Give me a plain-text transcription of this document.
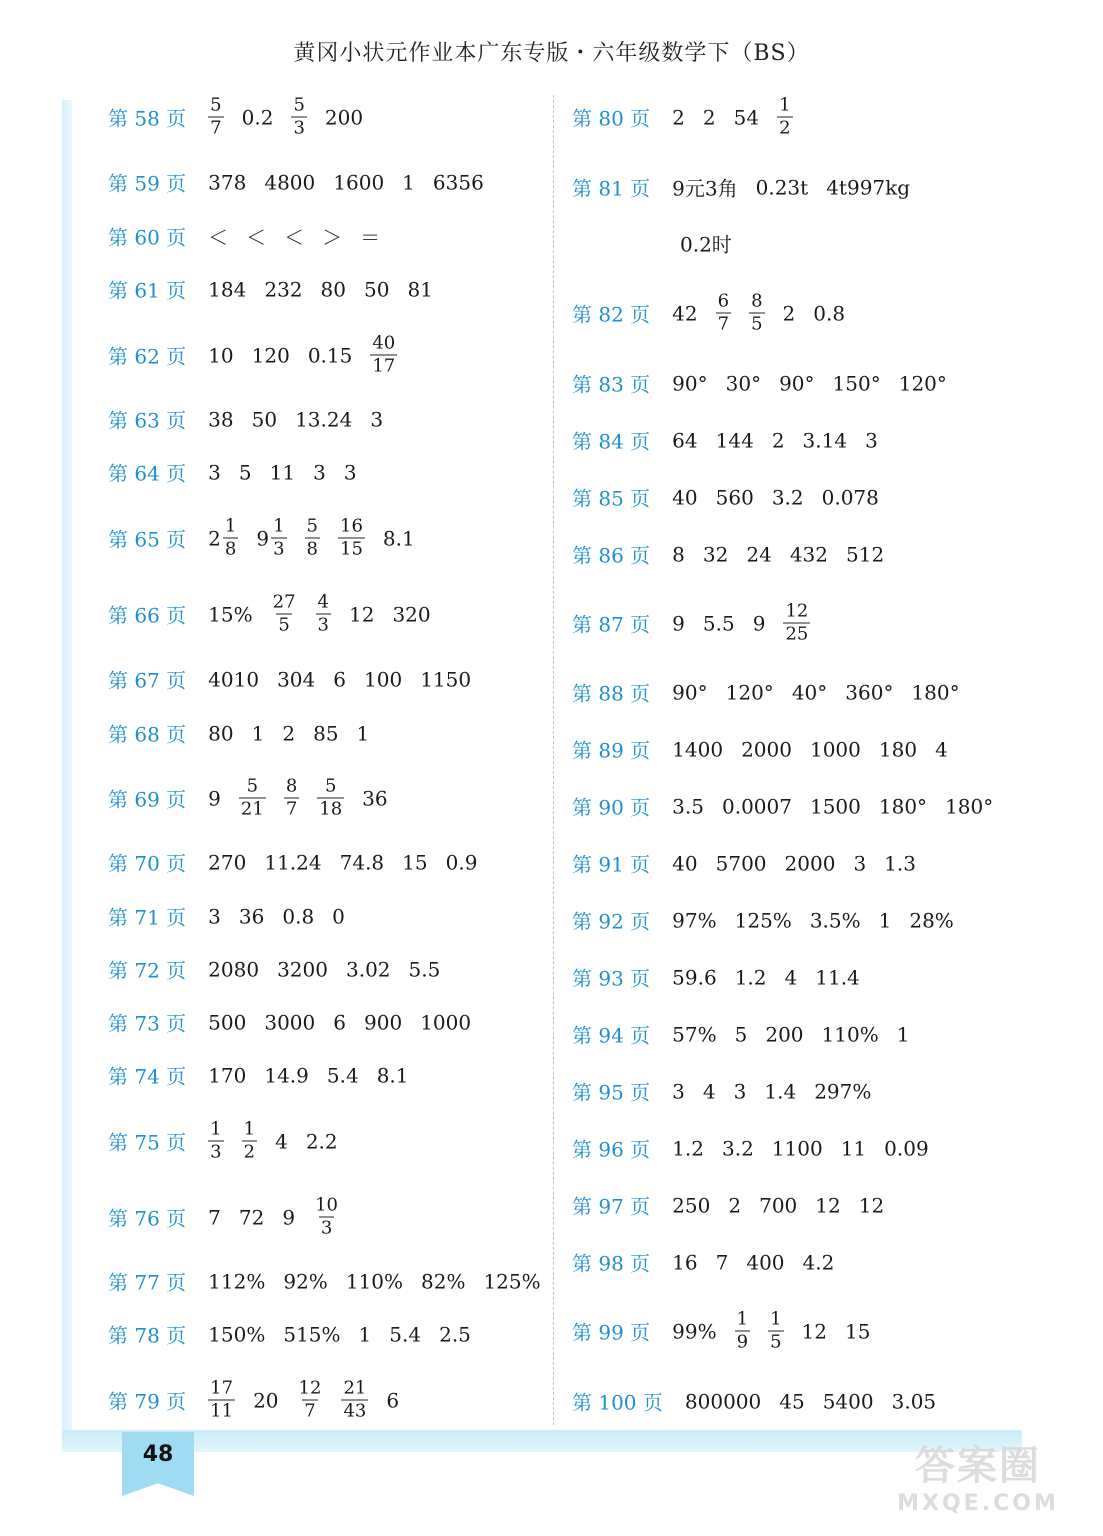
黄冈小状元作业本广东专版・六年级数学下（BS）
48
第 58 页 $\frac{5}{7} 0.2 \frac{5}{3} 200$
第 59 页 378 4800 1600 1 6356
第 60 页 ＜ ＜ ＜ ＞ ＝
第 61 页 184 232 80 50 81
第 62 页 10 120 $0.15 \frac{40}{17}$
第 63 页 38 50 13.24 3
第 64 页 3 5 11 3 3
第 65 页 $2 \frac{1}{8} 9 \frac{1}{3} \frac{5}{8} \frac{16}{15} 8.1$
第 66 页 $15\% \frac{27}{5} \frac{4}{3} 12$ 320
第 67 页 4010 304 6 100 1150
第 68 页 80 1 2 85 1
第 69 页 $9 \frac{5}{21} \frac{8}{7} \frac{5}{18} 36$
第 70 页 270 11.24 74.8 15 0.9
第 71 页 3 36 0.8 0
第 72 页 2080 3200 3.02 5.5
第 73 页 500 3000 6 900 1000
第 74 页 170 14.9 5.4 8.1
第 75 页 $\frac{1}{3} \frac{1}{2} 4$ 2.2
第 76 页 7 72 $9 \frac{10}{3}$
第 77 页 112% 92% 110% 82% 125%
第 78 页 150% 515% 1 5.4 2.5
第 79 页 $\frac{17}{11} 20 \frac{12}{7} \frac{21}{43} 6$
第 80 页 2 2 $54 \frac{1}{2}$
第 81 页 9元3角 0.23t 4t997kg
0.2时
第 82 页 $42 \frac{6}{7} \frac{8}{5} 2$ 0.8
第 83 页 90° 30° 90° 150° 120°
第 84 页 64 144 2 3.14 3
第 85 页 40 560 3.2 0.078
第 86 页 8 32 24 432 512
第 87 页 9 5.5 $9 \frac{12}{25}$
第 88 页 90° 120° 40° 360° 180°
第 89 页 1400 2000 1000 180 4
第 90 页 3.5 0.0007 1500 180° 180°
第 91 页 40 5700 2000 3 1.3
第 92 页 97% 125% 3.5% 1 28%
第 93 页 59.6 1.2 4 11.4
第 94 页 57% 5 200 110% 1
第 95 页 3 4 3 1.4 297%
第 96 页 1.2 3.2 1100 11 0.09
第 97 页 250 2 700 12 12
第 98 页 16 7 400 4.2
第 99 页 $99\% \frac{1}{9} \frac{1}{5} 12$ 15
第 100 页 800000 45 5400 3.05
答案圈
MXQE.COM
